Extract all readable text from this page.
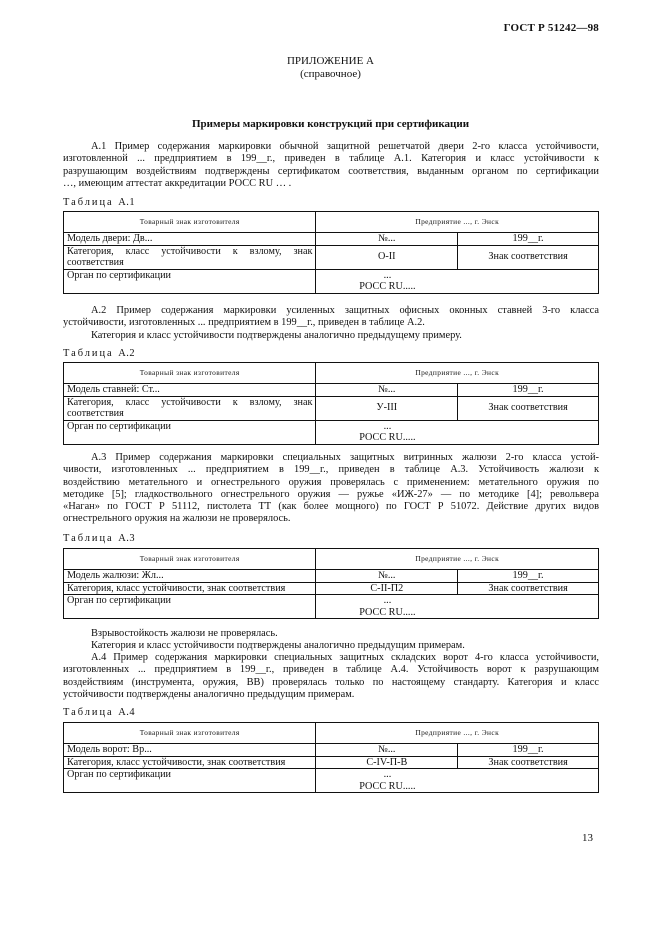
ГОСТ Р 51242—98
ПРИЛОЖЕНИЕ А
(справочное)
Примеры маркировки конструкций при сертификации
А.1 Пример содержания маркировки обычной защитной решетчатой двери 2-го класса устойчивости,
изготовленной ... предприятием в 199__г., приведен в таблице А.1. Категория и класс устойчивости к
разрушающим воздействиям подтверждены сертификатом соответствия, выданным органом по сертификации
…, имеющим аттестат аккредитации РОСС RU … .
Таблица А.1
Товарный знак изготовителя	Предприятие ..., г. Энск	
Модель двери: Дв...	№...	199__г.
Категория, класс устойчивости к взлому, знак соответствия	О-II	Знак соответствия
Орган по сертификации	...
РОСС RU.....	
А.2 Пример содержания маркировки усиленных защитных офисных оконных ставней 3-го класса
устойчивости, изготовленных ... предприятием в 199__г., приведен в таблице А.2.
Категория и класс устойчивости подтверждены аналогично предыдущему примеру.
Таблица А.2
Товарный знак изготовителя	Предприятие ..., г. Энск	
Модель ставней: Ст...	№...	199__г.
Категория, класс устойчивости к взлому, знак соответствия	У-III	Знак соответствия
Орган по сертификации	...
РОСС RU.....	
А.3 Пример содержания маркировки специальных защитных витринных жалюзи 2-го класса устой-
чивости, изготовленных ... предприятием в 199__г., приведен в таблице А.3. Устойчивость жалюзи к
воздействию метательного и огнестрельного оружия проверялась с применением: метательного оружия по
методике [5]; гладкоствольного огнестрельного оружия — ружье «ИЖ-27» — по методике [4]; револьвера
«Наган» по ГОСТ Р 51112, пистолета ТТ (как более мощного) по ГОСТ Р 51072. Действие других видов
огнестрельного оружия на жалюзи не проверялось.
Таблица А.3
Товарный знак изготовителя	Предприятие ..., г. Энск	
Модель жалюзи: Жл...	№...	199__г.
Категория, класс устойчивости, знак соответствия	С-II-П2	Знак соответствия
Орган по сертификации	...
РОСС RU.....	
Взрывостойкость жалюзи не проверялась.
Категория и класс устойчивости подтверждены аналогично предыдущим примерам.
А.4 Пример содержания маркировки специальных защитных складских ворот 4-го класса устойчивости,
изготовленных ... предприятием в 199__г., приведен в таблице А.4. Устойчивость ворот к разрушающим
воздействиям (инструмента, оружия, ВВ) проверялась только по настоящему стандарту. Категория и класс
устойчивости подтверждены аналогично предыдущим примерам.
Таблица А.4
Товарный знак изготовителя	Предприятие ..., г. Энск	
Модель ворот: Вр...	№...	199__г.
Категория, класс устойчивости, знак соответствия	С-IV-П-В	Знак соответствия
Орган по сертификации	...
РОСС RU.....	
13
